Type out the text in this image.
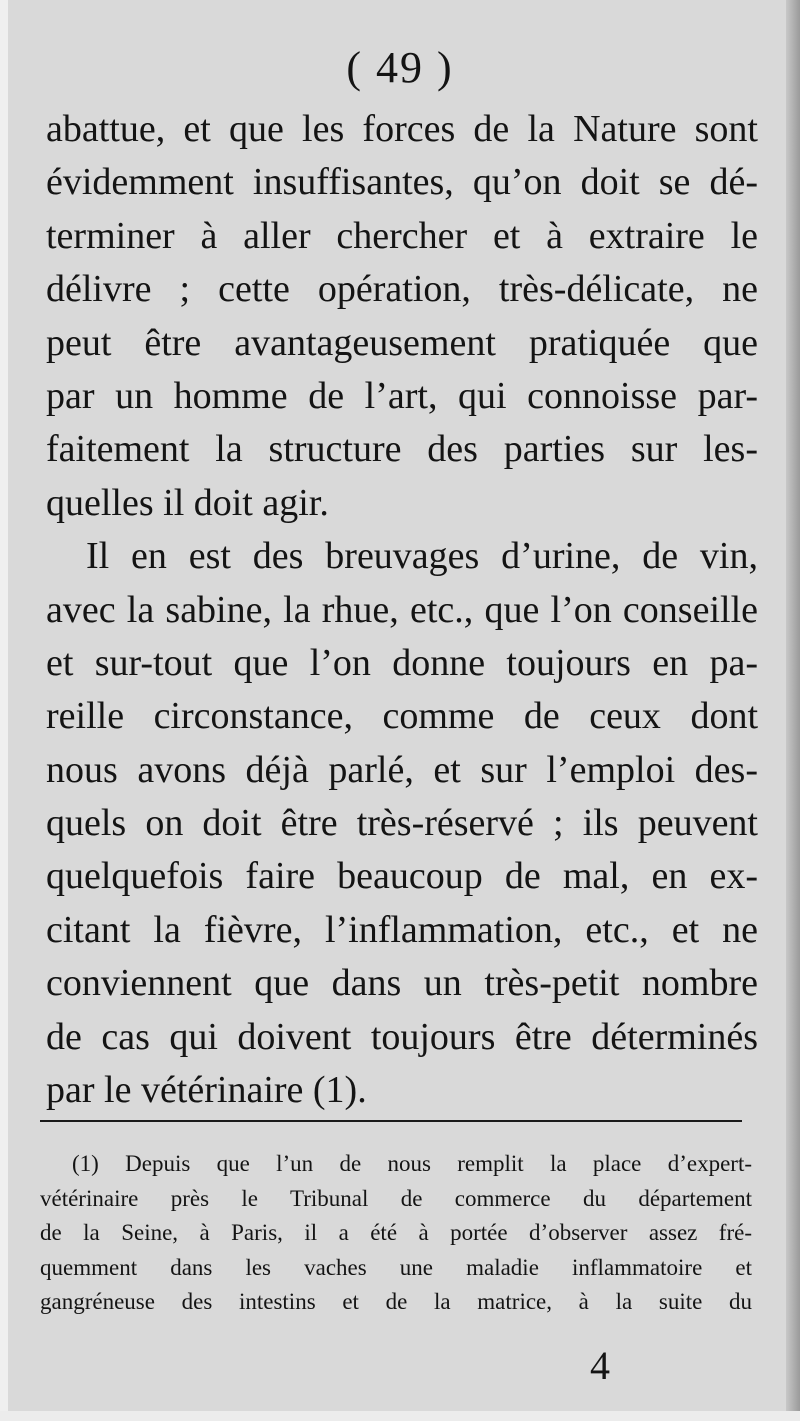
( 49 )
abattue, et que les forces de la Nature sont
évidemment insuffisantes, qu’on doit se dé-
terminer à aller chercher et à extraire le
délivre ; cette opération, très-délicate, ne
peut être avantageusement pratiquée que
par un homme de l’art, qui connoisse par-
faitement la structure des parties sur les-
quelles il doit agir.
Il en est des breuvages d’urine, de vin,
avec la sabine, la rhue, etc., que l’on conseille
et sur-tout que l’on donne toujours en pa-
reille circonstance, comme de ceux dont
nous avons déjà parlé, et sur l’emploi des-
quels on doit être très-réservé ; ils peuvent
quelquefois faire beaucoup de mal, en ex-
citant la fièvre, l’inflammation, etc., et ne
conviennent que dans un très-petit nombre
de cas qui doivent toujours être déterminés
par le vétérinaire (1).
(1) Depuis que l’un de nous remplit la place d’expert-
vétérinaire près le Tribunal de commerce du département
de la Seine, à Paris, il a été à portée d’observer assez fré-
quemment dans les vaches une maladie inflammatoire et
gangréneuse des intestins et de la matrice, à la suite du
4
